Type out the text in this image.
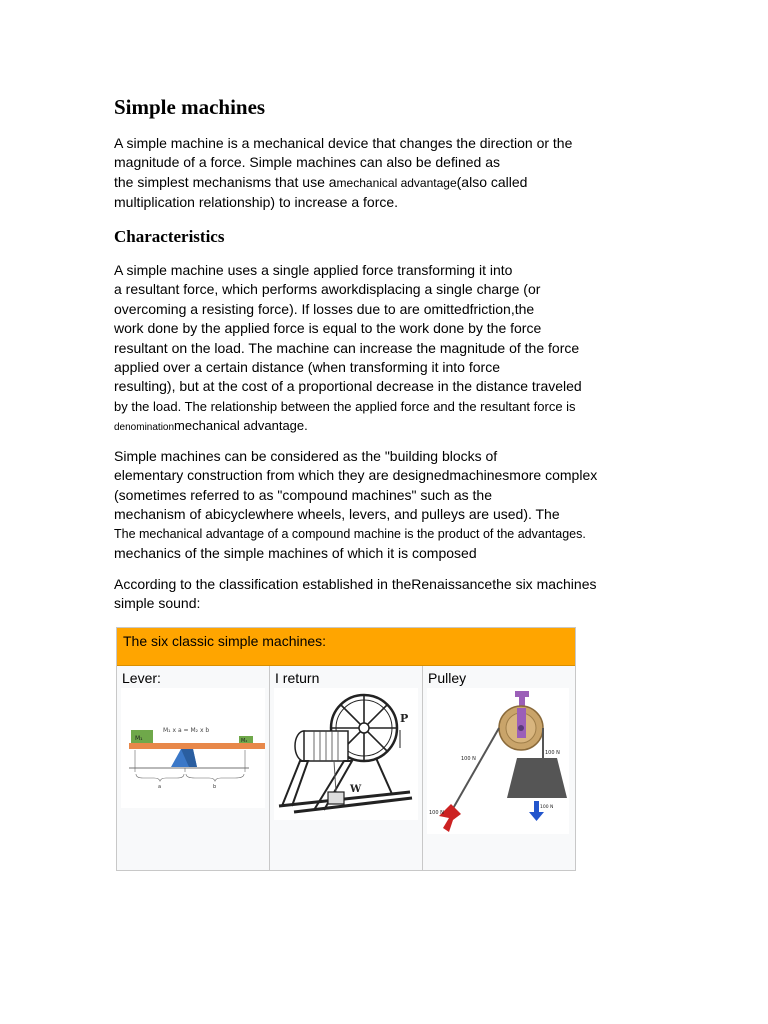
Simple machines
A simple machine is a mechanical device that changes the direction or the
magnitude of a force. Simple machines can also be defined as
the simplest mechanisms that use amechanical advantage(also called
multiplication relationship) to increase a force.
Characteristics
A simple machine uses a single applied force transforming it into
a resultant force, which performs awork​displacing a single charge (or
overcoming a resisting force). If losses due to are omittedfriction,the
work done by the applied force is equal to the work done by the force
resultant on the load. The machine can increase the magnitude of the force
applied over a certain distance (when transforming it into force
resulting), but at the cost of a proportional decrease in the distance traveled
by the load. The relationship between the applied force and the resultant force is
denominationmechanical advantage.
Simple machines can be considered as the "building blocks of
elementary construction from which they are designedmachinesmore complex
(sometimes referred to as "compound machines" such as the
mechanism of abicyclewhere wheels, levers, and pulleys are used). The
The mechanical advantage of a compound machine is the product of the advantages.
mechanics of the simple machines of which it is composed
According to the classification established in theRenaissancethe six machines
simple sound:
The six classic simple machines:
Lever:
M₁ x a = M₂ x b
M₁	M₂
a	b
I return
W
P
Pulley
100 N
100 N
100 N
100 N
